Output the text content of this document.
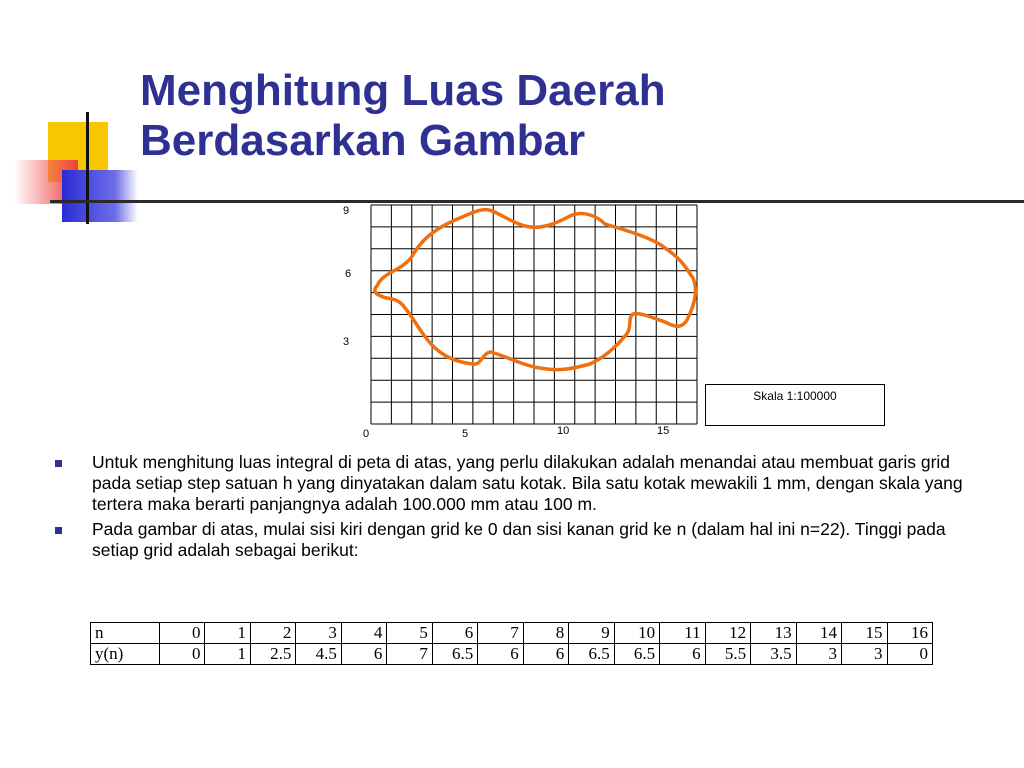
Menghitung Luas Daerah
Berdasarkan Gambar
9
6
3
0	5	10	15
Skala 1:100000
Untuk menghitung luas integral di peta di atas, yang perlu dilakukan adalah menandai atau membuat garis grid pada setiap step satuan h yang dinyatakan dalam satu kotak. Bila satu kotak mewakili 1 mm, dengan skala yang tertera maka berarti panjangnya adalah 100.000 mm atau 100 m.
Pada gambar di atas, mulai sisi kiri dengan grid ke 0 dan sisi kanan grid ke n (dalam hal ini n=22). Tinggi pada setiap grid adalah sebagai berikut:
n	0	1	2	3	4	5	6	7	8	9	10	11	12	13	14	15	16
y(n)	0	1	2.5	4.5	6	7	6.5	6	6	6.5	6.5	6	5.5	3.5	3	3	0
